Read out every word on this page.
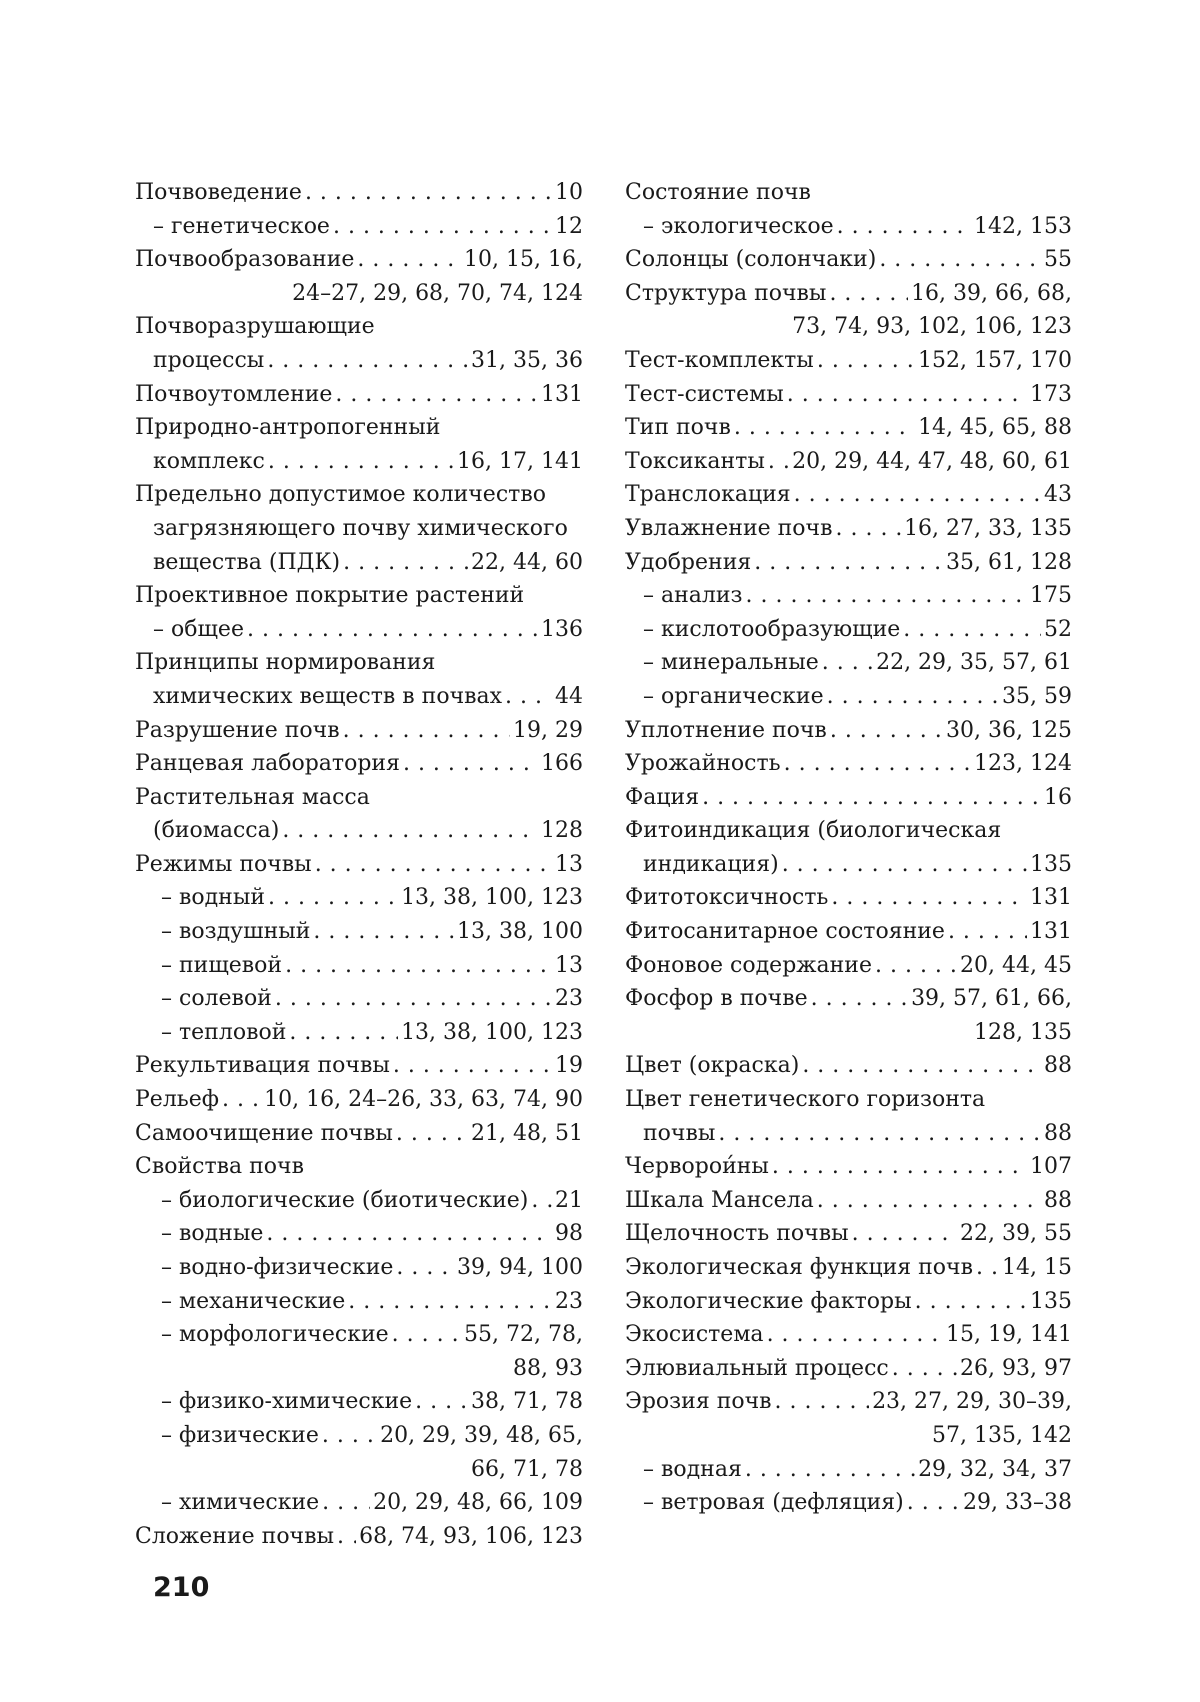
Почвоведение . . .	10
– генетическое . . .	12
Почвообразование . . .	10, 15, 16,
24–27, 29, 68, 70, 74, 124
Почворазрушающие
процессы . . .	31, 35, 36
Почвоутомление . . .	131
Природно-антропогенный
комплекс . . .	16, 17, 141
Предельно допустимое количество
загрязняющего почву химического
вещества (ПДК) . . .	22, 44, 60
Проективное покрытие растений
– общее . . .	136
Принципы нормирования
химических веществ в почвах . . . 44
Разрушение почв . . .	19, 29
Ранцевая лаборатория . . .	166
Растительная масса
(биомасса) . . .	128
Режимы почвы . . .	13
– водный . . .	13, 38, 100, 123
– воздушный . . .	13, 38, 100
– пищевой . . .	13
– солевой . . .	23
– тепловой . . .	13, 38, 100, 123
Рекультивация почвы . . .	19
Рельеф . . . 10, 16, 24–26, 33, 63, 74, 90
Самоочищение почвы . . .	21, 48, 51
Свойства почв
– биологические (биотические) . . . 21
– водные . . .	98
– водно-физические . . .	39, 94, 100
– механические . . .	23
– морфологические . . .	55, 72, 78,
88, 93
– физико-химические . . .	38, 71, 78
– физические . . .	20, 29, 39, 48, 65,
66, 71, 78
– химические . . . 20, 29, 48, 66, 109
Сложение почвы . . . 68, 74, 93, 106, 123
Состояние почв
– экологическое . . .	142, 153
Солонцы (солончаки) . . .	55
Структура почвы . . .	16, 39, 66, 68,
73, 74, 93, 102, 106, 123
Тест-комплекты . . .	152, 157, 170
Тест-системы . . .	173
Тип почв . . .	14, 45, 65, 88
Токсиканты . . . 20, 29, 44, 47, 48, 60, 61
Транслокация . . .	43
Увлажнение почв . . .	16, 27, 33, 135
Удобрения . . .	35, 61, 128
– анализ . . .	175
– кислотообразующие . . .	52
– минеральные . . .	22, 29, 35, 57, 61
– органические . . .	35, 59
Уплотнение почв . . .	30, 36, 125
Урожайность . . .	123, 124
Фация . . .	16
Фитоиндикация (биологическая
индикация) . . .	135
Фитотоксичность . . .	131
Фитосанитарное состояние . . .	131
Фоновое содержание . . .	20, 44, 45
Фосфор в почве . . .	39, 57, 61, 66,
128, 135
Цвет (окраска) . . .	88
Цвет генетического горизонта
почвы . . .	88
Черворои́ны . . .	107
Шкала Мансела . . .	88
Щелочность почвы . . .	22, 39, 55
Экологическая функция почв . . . 14, 15
Экологические факторы . . .	135
Экосистема . . .	15, 19, 141
Элювиальный процесс . . .	26, 93, 97
Эрозия почв . . .	23, 27, 29, 30–39,
57, 135, 142
– водная . . .	29, 32, 34, 37
– ветровая (дефляция) . . .	29, 33–38
210
